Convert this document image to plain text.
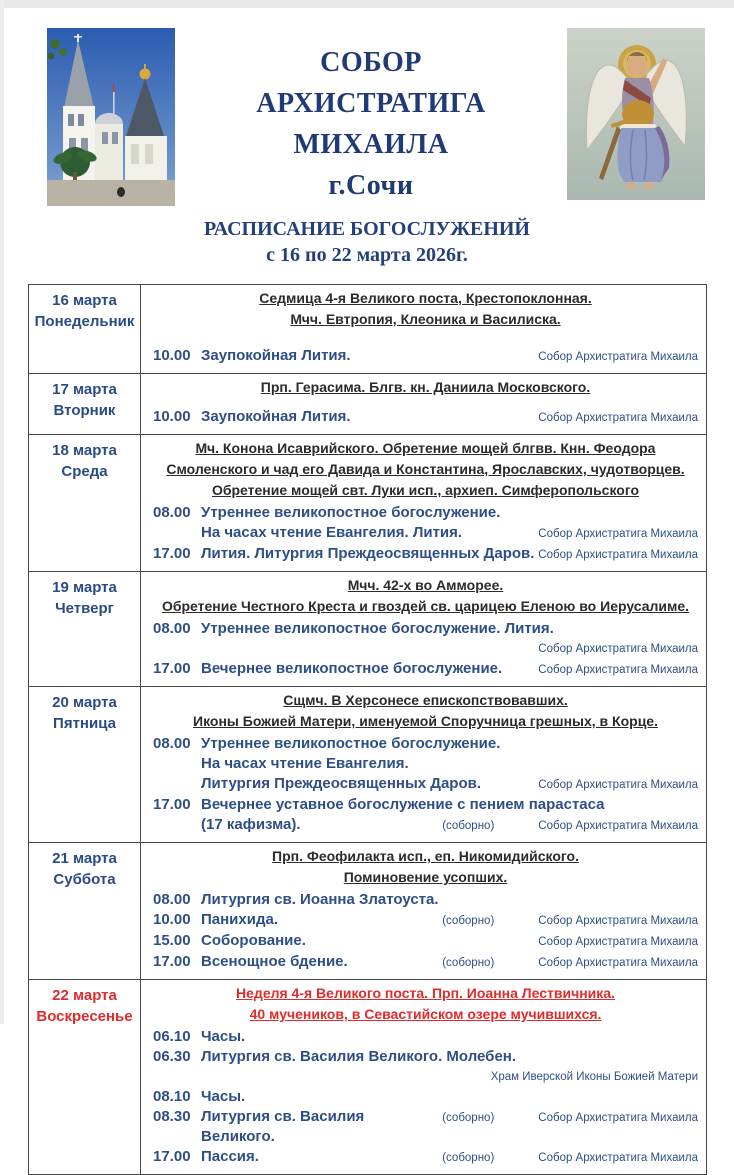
СОБОР
АРХИСТРАТИГА
МИХАИЛА
г.Сочи
РАСПИСАНИЕ БОГОСЛУЖЕНИЙ
с 16 по 22 марта 2026г.
16 марта
Понедельник
Седмица 4-я Великого поста, Крестопоклонная.
Мчч. Евтропия, Клеоника и Василиска.
10.00 Заупокойная Лития.	Собор Архистратига Михаила
17 марта
Вторник
Прп. Герасима. Блгв. кн. Даниила Московского.
10.00 Заупокойная Лития.	Собор Архистратига Михаила
18 марта
Среда
Мч. Конона Исаврийского. Обретение мощей блгвв. Кнн. Феодора
Смоленского и чад его Давида и Константина, Ярославских, чудотворцев.
Обретение мощей свт. Луки исп., архиеп. Симферопольского
08.00 Утреннее великопостное богослужение.
На часах чтение Евангелия. Лития.	Собор Архистратига Михаила
17.00 Лития. Литургия Преждеосвященных Даров. Собор Архистратига Михаила
19 марта
Четверг
Мчч. 42-х во Амморее.
Обретение Честного Креста и гвоздей св. царицею Еленою во Иерусалиме.
08.00 Утреннее великопостное богослужение. Лития.
Собор Архистратига Михаила
17.00 Вечернее великопостное богослужение.	Собор Архистратига Михаила
20 марта
Пятница
Сщмч. В Херсонесе епископствовавших.
Иконы Божией Матери, именуемой Споручница грешных, в Корце.
08.00 Утреннее великопостное богослужение.
На часах чтение Евангелия.
Литургия Преждеосвященных Даров.	Собор Архистратига Михаила
17.00 Вечернее уставное богослужение с пением парастаса
(17 кафизма).	(соборно)	Собор Архистратига Михаила
21 марта
Суббота
Прп. Феофилакта исп., еп. Никомидийского.
Поминовение усопших.
08.00 Литургия св. Иоанна Златоуста.
10.00 Панихида.	(соборно)	Собор Архистратига Михаила
15.00 Соборование.	Собор Архистратига Михаила
17.00 Всенощное бдение.	(соборно)	Собор Архистратига Михаила
22 марта
Воскресенье
Неделя 4-я Великого поста. Прп. Иоанна Лествичника.
40 мучеников, в Севастийском озере мучившихся.
06.10 Часы.
06.30 Литургия св. Василия Великого. Молебен.
Храм Иверской Иконы Божией Матери
08.10 Часы.
08.30 Литургия св. Василия Великого.
(соборно)	Собор Архистратига Михаила
17.00 Пассия.	(соборно)	Собор Архистратига Михаила
